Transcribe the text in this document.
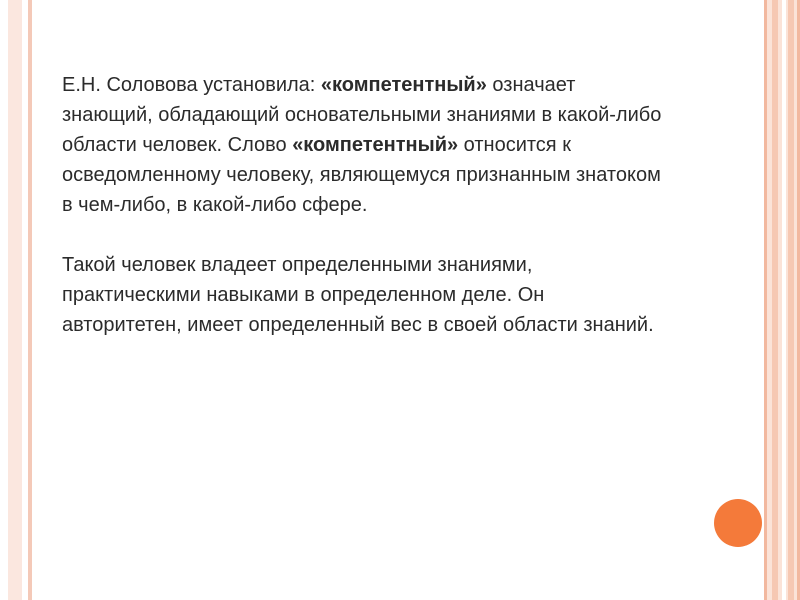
Е.Н. Соловова установила: «компетентный» означает знающий, обладающий основательными знаниями в какой-либо области человек. Слово «компетентный» относится к осведомленному человеку, являющемуся признанным знатоком в чем-либо, в какой-либо сфере.

Такой человек владеет определенными знаниями, практическими навыками в определенном деле. Он авторитетен, имеет определенный вес в своей области знаний.
